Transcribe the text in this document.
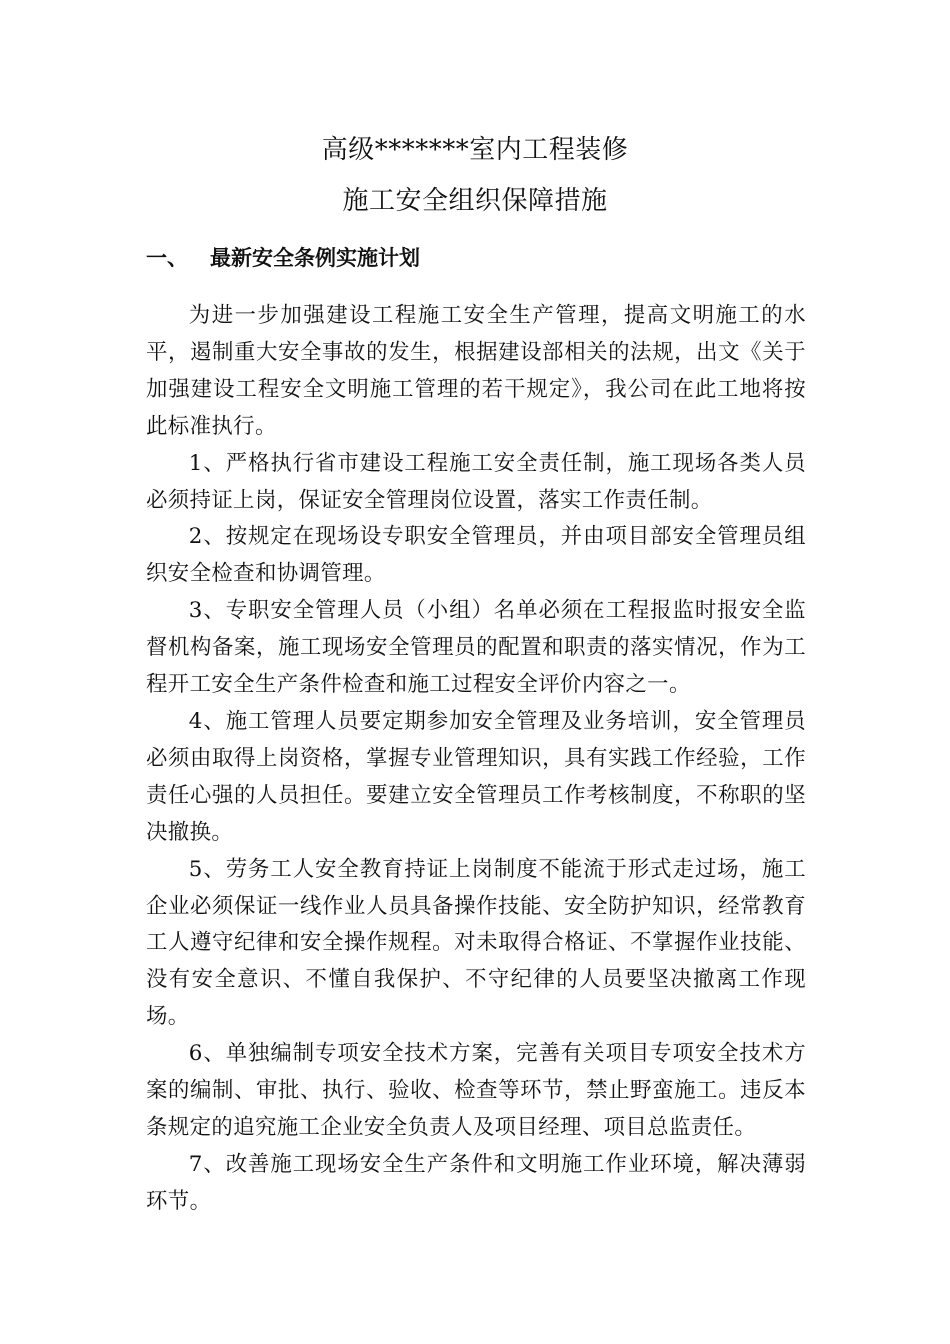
高级*******室内工程装修
施工安全组织保障措施
一、 最新安全条例实施计划

为进一步加强建设工程施工安全生产管理，提高文明施工的水平，遏制重大安全事故的发生，根据建设部相关的法规，出文《关于加强建设工程安全文明施工管理的若干规定》，我公司在此工地将按此标准执行。

1、严格执行省市建设工程施工安全责任制，施工现场各类人员必须持证上岗，保证安全管理岗位设置，落实工作责任制。

2、按规定在现场设专职安全管理员，并由项目部安全管理员组织安全检查和协调管理。

3、专职安全管理人员（小组）名单必须在工程报监时报安全监督机构备案，施工现场安全管理员的配置和职责的落实情况，作为工程开工安全生产条件检查和施工过程安全评价内容之一。

4、施工管理人员要定期参加安全管理及业务培训，安全管理员必须由取得上岗资格，掌握专业管理知识，具有实践工作经验，工作责任心强的人员担任。要建立安全管理员工作考核制度，不称职的坚决撤换。

5、劳务工人安全教育持证上岗制度不能流于形式走过场，施工企业必须保证一线作业人员具备操作技能、安全防护知识，经常教育工人遵守纪律和安全操作规程。对未取得合格证、不掌握作业技能、没有安全意识、不懂自我保护、不守纪律的人员要坚决撤离工作现场。

6、单独编制专项安全技术方案，完善有关项目专项安全技术方案的编制、审批、执行、验收、检查等环节，禁止野蛮施工。违反本条规定的追究施工企业安全负责人及项目经理、项目总监责任。

7、改善施工现场安全生产条件和文明施工作业环境，解决薄弱环节。
